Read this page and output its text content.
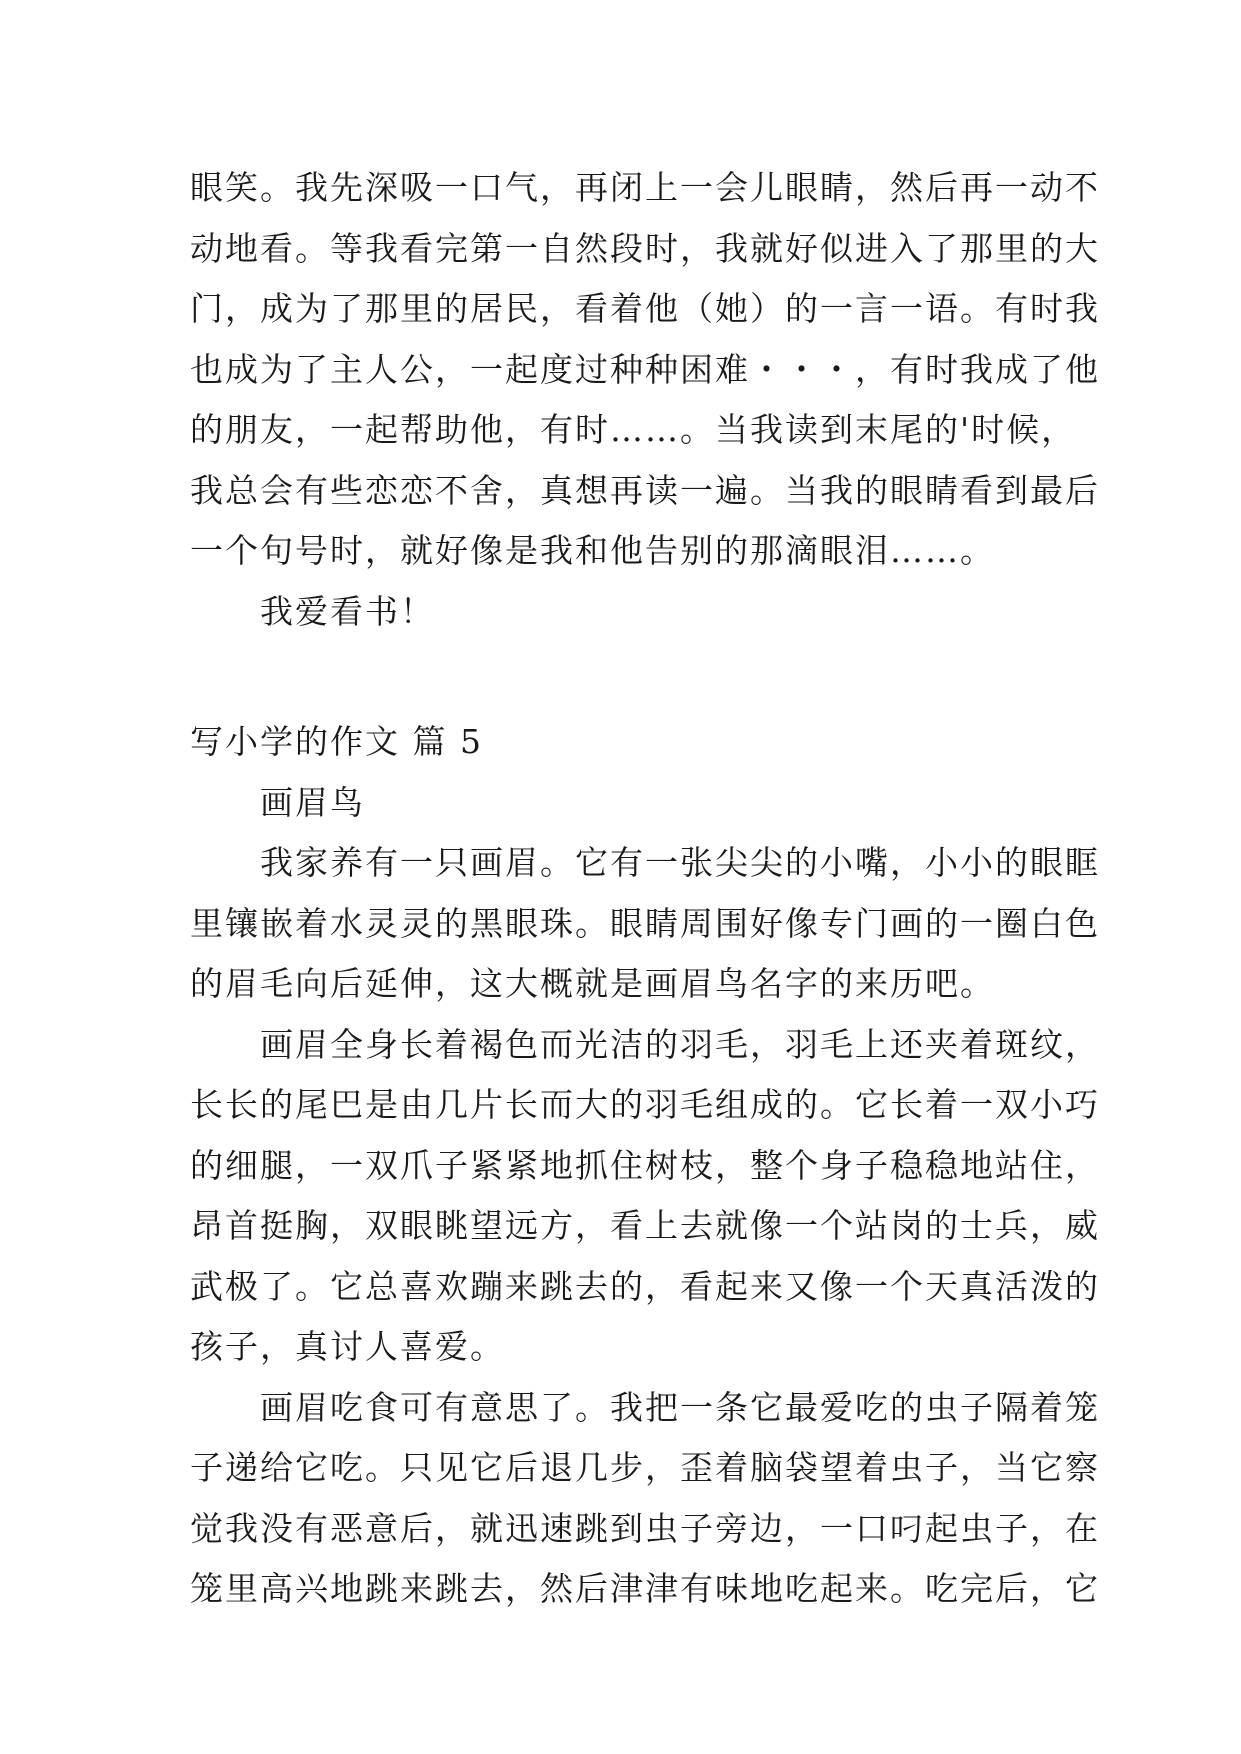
眼笑。我先深吸一口气，再闭上一会儿眼睛，然后再一动不
动地看。等我看完第一自然段时，我就好似进入了那里的大
门，成为了那里的居民，看着他（她）的一言一语。有时我
也成为了主人公，一起度过种种困难・・・，有时我成了他
的朋友，一起帮助他，有时……。当我读到末尾的'时候，
我总会有些恋恋不舍，真想再读一遍。当我的眼睛看到最后
一个句号时，就好像是我和他告别的那滴眼泪……。
　　我爱看书！
写小学的作文 篇 5
　　画眉鸟
　　我家养有一只画眉。它有一张尖尖的小嘴，小小的眼眶
里镶嵌着水灵灵的黑眼珠。眼睛周围好像专门画的一圈白色
的眉毛向后延伸，这大概就是画眉鸟名字的来历吧。
　　画眉全身长着褐色而光洁的羽毛，羽毛上还夹着斑纹，
长长的尾巴是由几片长而大的羽毛组成的。它长着一双小巧
的细腿，一双爪子紧紧地抓住树枝，整个身子稳稳地站住，
昂首挺胸，双眼眺望远方，看上去就像一个站岗的士兵，威
武极了。它总喜欢蹦来跳去的，看起来又像一个天真活泼的
孩子，真讨人喜爱。
　　画眉吃食可有意思了。我把一条它最爱吃的虫子隔着笼
子递给它吃。只见它后退几步，歪着脑袋望着虫子，当它察
觉我没有恶意后，就迅速跳到虫子旁边，一口叼起虫子，在
笼里高兴地跳来跳去，然后津津有味地吃起来。吃完后，它
